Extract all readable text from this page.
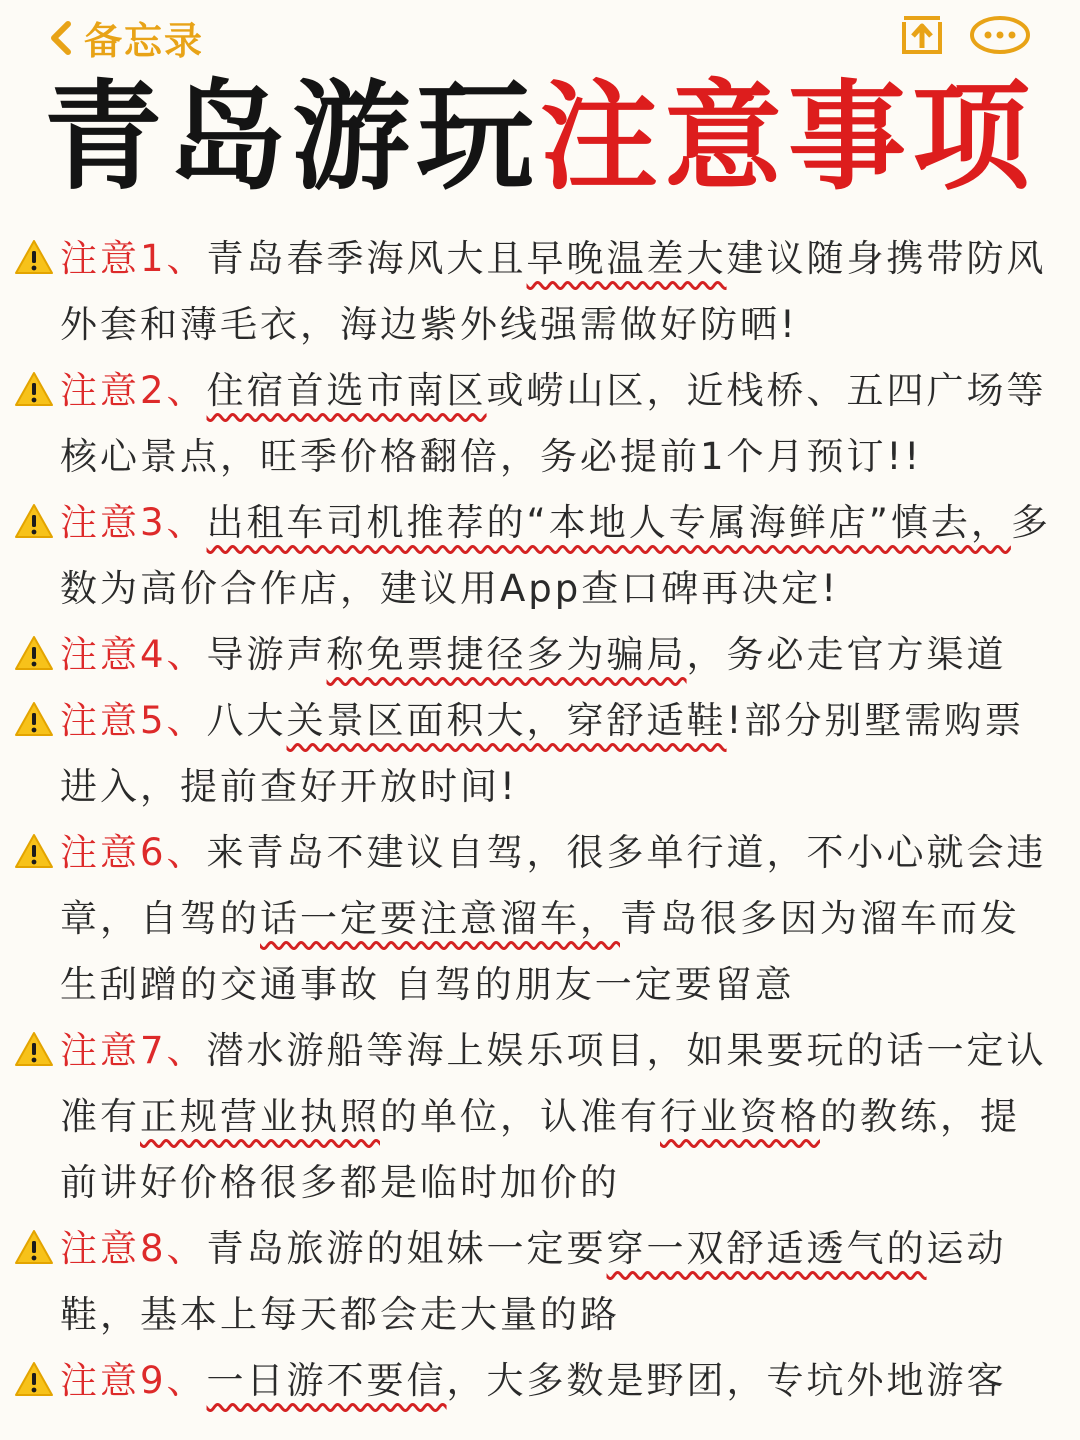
备忘录
青岛游玩注意事项

注意1、青岛春季海风大且早晚温差大建议随身携带防风外套和薄毛衣，海边紫外线强需做好防晒!

注意2、住宿首选市南区或崂山区，近栈桥、五四广场等核心景点，旺季价格翻倍，务必提前1个月预订!!

注意3、出租车司机推荐的“本地人专属海鲜店”慎去，多数为高价合作店，建议用App查口碑再决定!

注意4、导游声称免票捷径多为骗局，务必走官方渠道

注意5、八大关景区面积大，穿舒适鞋!部分别墅需购票进入，提前查好开放时间!

注意6、来青岛不建议自驾，很多单行道，不小心就会违章，自驾的话一定要注意溜车，青岛很多因为溜车而发生刮蹭的交通事故 自驾的朋友一定要留意

注意7、潜水游船等海上娱乐项目，如果要玩的话一定认准有正规营业执照的单位，认准有行业资格的教练，提前讲好价格很多都是临时加价的

注意8、青岛旅游的姐妹一定要穿一双舒适透气的运动鞋，基本上每天都会走大量的路

注意9、一日游不要信，大多数是野团，专坑外地游客
